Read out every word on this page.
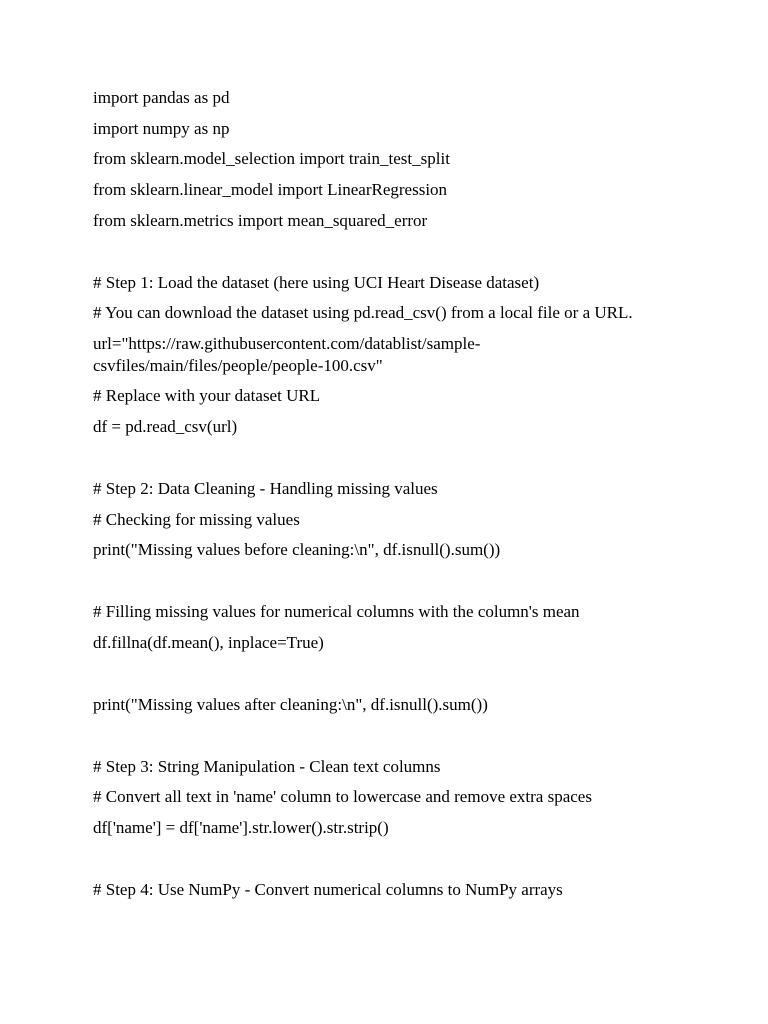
import pandas as pd
import numpy as np
from sklearn.model_selection import train_test_split
from sklearn.linear_model import LinearRegression
from sklearn.metrics import mean_squared_error
# Step 1: Load the dataset (here using UCI Heart Disease dataset)
# You can download the dataset using pd.read_csv() from a local file or a URL.
url="https://raw.githubusercontent.com/datablist/sample-csvfiles/main/files/people/people-100.csv"
# Replace with your dataset URL
df = pd.read_csv(url)
# Step 2: Data Cleaning - Handling missing values
# Checking for missing values
print("Missing values before cleaning:\n", df.isnull().sum())
# Filling missing values for numerical columns with the column's mean
df.fillna(df.mean(), inplace=True)
print("Missing values after cleaning:\n", df.isnull().sum())
# Step 3: String Manipulation - Clean text columns
# Convert all text in 'name' column to lowercase and remove extra spaces
df['name'] = df['name'].str.lower().str.strip()
# Step 4: Use NumPy - Convert numerical columns to NumPy arrays
